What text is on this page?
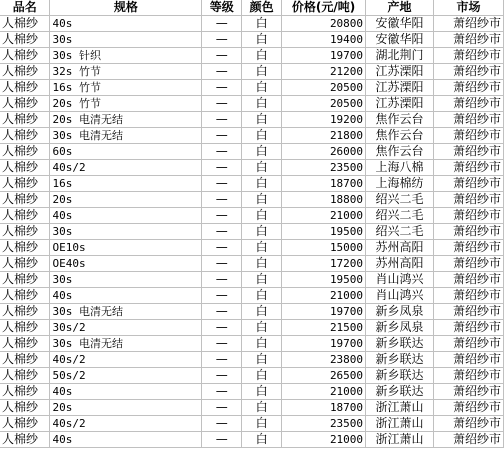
品名	规格	等级	颜色	价格(元/吨)	产地	市场
人棉纱	40s	—	白	20800	安徽华阳	萧绍纱市
人棉纱	30s	—	白	19400	安徽华阳	萧绍纱市
人棉纱	30s 针织	—	白	19700	湖北荆门	萧绍纱市
人棉纱	32s 竹节	—	白	21200	江苏溧阳	萧绍纱市
人棉纱	16s 竹节	—	白	20500	江苏溧阳	萧绍纱市
人棉纱	20s 竹节	—	白	20500	江苏溧阳	萧绍纱市
人棉纱	20s 电清无结	—	白	19200	焦作云台	萧绍纱市
人棉纱	30s 电清无结	—	白	21800	焦作云台	萧绍纱市
人棉纱	60s	—	白	26000	焦作云台	萧绍纱市
人棉纱	40s/2	—	白	23500	上海八棉	萧绍纱市
人棉纱	16s	—	白	18700	上海棉纺	萧绍纱市
人棉纱	20s	—	白	18800	绍兴二毛	萧绍纱市
人棉纱	40s	—	白	21000	绍兴二毛	萧绍纱市
人棉纱	30s	—	白	19500	绍兴二毛	萧绍纱市
人棉纱	OE10s	—	白	15000	苏州高阳	萧绍纱市
人棉纱	OE40s	—	白	17200	苏州高阳	萧绍纱市
人棉纱	30s	—	白	19500	肖山鸿兴	萧绍纱市
人棉纱	40s	—	白	21000	肖山鸿兴	萧绍纱市
人棉纱	30s 电清无结	—	白	19700	新乡凤泉	萧绍纱市
人棉纱	30s/2	—	白	21500	新乡凤泉	萧绍纱市
人棉纱	30s 电清无结	—	白	19700	新乡联达	萧绍纱市
人棉纱	40s/2	—	白	23800	新乡联达	萧绍纱市
人棉纱	50s/2	—	白	26500	新乡联达	萧绍纱市
人棉纱	40s	—	白	21000	新乡联达	萧绍纱市
人棉纱	20s	—	白	18700	浙江萧山	萧绍纱市
人棉纱	40s/2	—	白	23500	浙江萧山	萧绍纱市
人棉纱	40s	—	白	21000	浙江萧山	萧绍纱市
